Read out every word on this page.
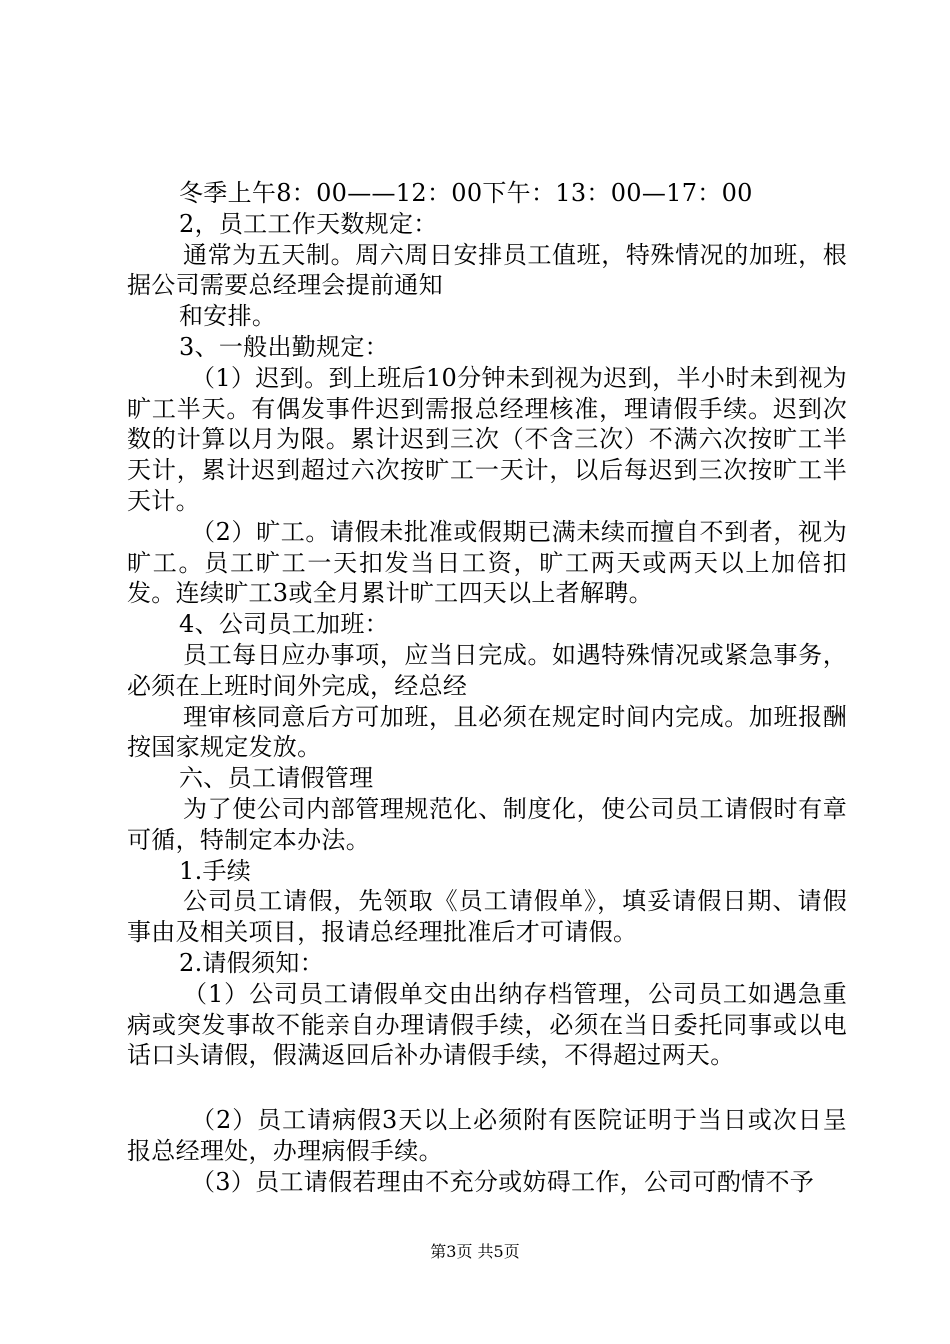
冬季上午8：00——12：00下午：13：00—17：00

2，员工工作天数规定：

通常为五天制。周六周日安排员工值班，特殊情况的加班，根据公司需要总经理会提前通知

和安排。

3、一般出勤规定：

（1）迟到。到上班后10分钟未到视为迟到，半小时未到视为旷工半天。有偶发事件迟到需报总经理核准，理请假手续。迟到次数的计算以月为限。累计迟到三次（不含三次）不满六次按旷工半天计，累计迟到超过六次按旷工一天计，以后每迟到三次按旷工半天计。

（2）旷工。请假未批准或假期已满未续而擅自不到者，视为旷工。员工旷工一天扣发当日工资，旷工两天或两天以上加倍扣发。连续旷工3或全月累计旷工四天以上者解聘。

4、公司员工加班：

员工每日应办事项，应当日完成。如遇特殊情况或紧急事务，必须在上班时间外完成，经总经

理审核同意后方可加班，且必须在规定时间内完成。加班报酬按国家规定发放。

六、员工请假管理

为了使公司内部管理规范化、制度化，使公司员工请假时有章可循，特制定本办法。

1.手续

公司员工请假，先领取《员工请假单》，填妥请假日期、请假事由及相关项目，报请总经理批准后才可请假。

2.请假须知：

（1）公司员工请假单交由出纳存档管理，公司员工如遇急重病或突发事故不能亲自办理请假手续，必须在当日委托同事或以电话口头请假，假满返回后补办请假手续，不得超过两天。

（2）员工请病假3天以上必须附有医院证明于当日或次日呈报总经理处，办理病假手续。

（3）员工请假若理由不充分或妨碍工作，公司可酌情不予

第3页 共5页
